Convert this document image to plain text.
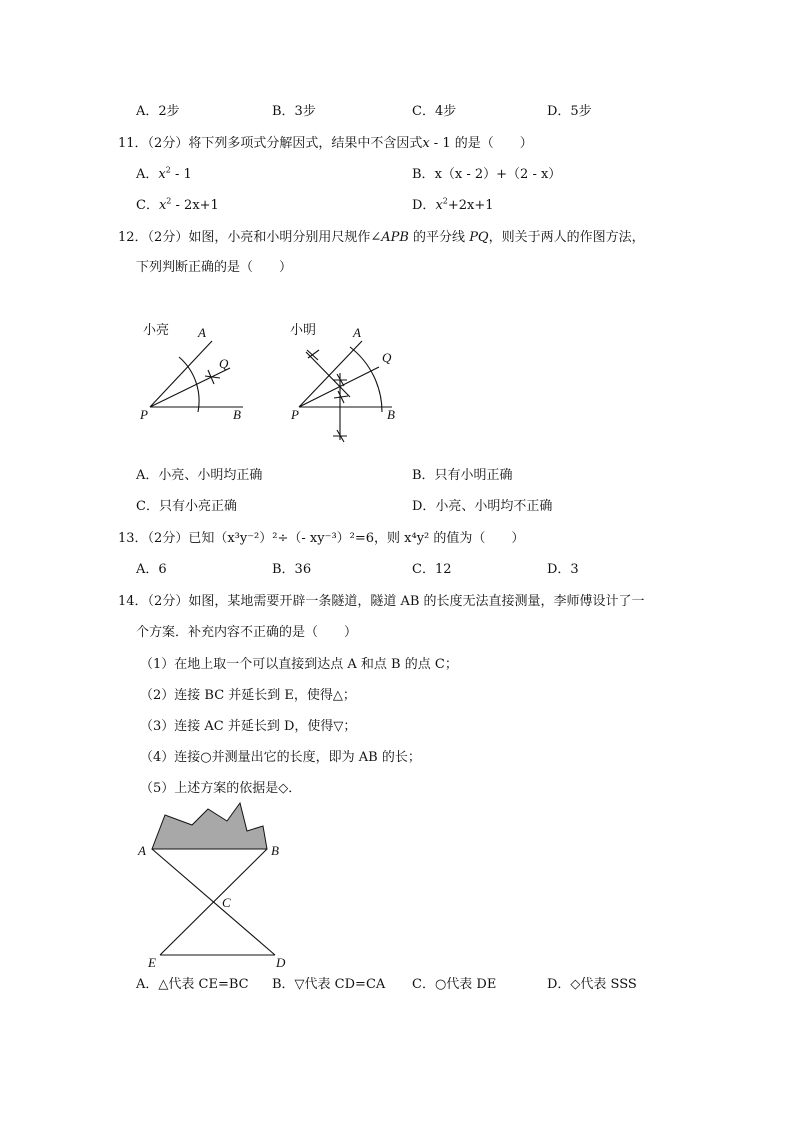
A．2步	B．3步	C．4步	D．5步
11．（2分）将下列多项式分解因式，结果中不含因式x - 1 的是（　　）
A．$x^2 - 1$	B．x（x - 2）+（2 - x）
C．$x^2 - 2x+1$	D．$x^2+2x+1$
12．（2分）如图，小亮和小明分别用尺规作∠APB 的平分线 PQ，则关于两人的作图方法，
下列判断正确的是（　　）
小亮 A
Q
P	B
小明	A
Q
P	B
A．小亮、小明均正确	B．只有小明正确
C．只有小亮正确	D．小亮、小明均不正确
13．（2分）已知（x³y⁻²）²÷（- xy⁻³）²=6，则 x⁴y² 的值为（　　）
A．6	B．36	C．12	D．3
14．（2分）如图，某地需要开辟一条隧道，隧道 AB 的长度无法直接测量，李师傅设计了一
个方案．补充内容不正确的是（　　）
（1）在地上取一个可以直接到达点 A 和点 B 的点 C；
（2）连接 BC 并延长到 E，使得△；
（3）连接 AC 并延长到 D，使得▽；
（4）连接○并测量出它的长度，即为 AB 的长；
（5）上述方案的依据是◇．
A	B
C
E	D
A．△代表 CE=BC B．▽代表 CD=CA C．○代表 DE	D．◇代表 SSS
